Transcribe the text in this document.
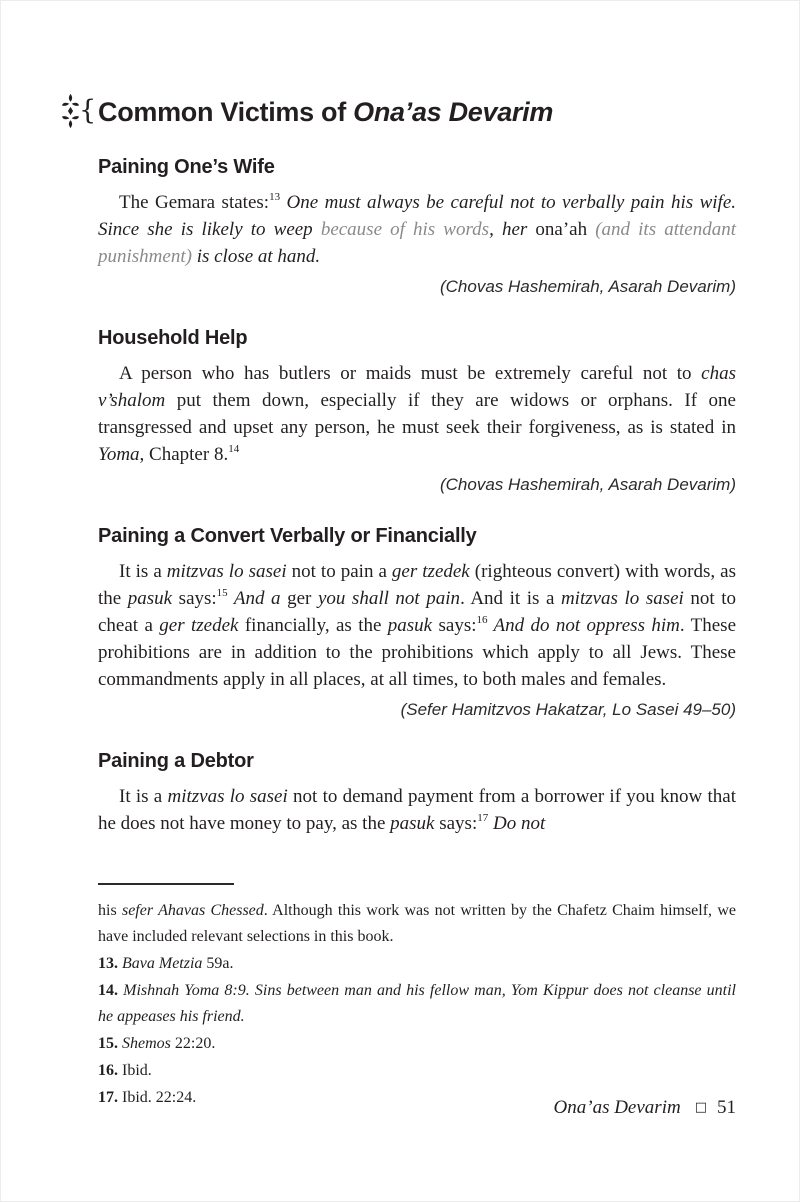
{ Common Victims of Ona’as Devarim
Paining One’s Wife

The Gemara states:$^{13}$ One must always be careful not to verbally pain his wife. Since she is likely to weep because of his words, her ona’ah (and its attendant punishment) is close at hand.

(Chovas Hashemirah, Asarah Devarim)

Household Help

A person who has butlers or maids must be extremely careful not to chas v’shalom put them down, especially if they are widows or orphans. If one transgressed and upset any person, he must seek their forgiveness, as is stated in Yoma, Chapter 8.14

(Chovas Hashemirah, Asarah Devarim)

Paining a Convert Verbally or Financially

It is a mitzvas lo sasei not to pain a ger tzedek (righteous convert) with words, as the pasuk says:$^{15}$ And a ger you shall not pain. And it is a mitzvas lo sasei not to cheat a ger tzedek financially, as the pasuk says:$^{16}$ And do not oppress him. These prohibitions are in addition to the prohibitions which apply to all Jews. These commandments apply in all places, at all times, to both males and females.

(Sefer Hamitzvos Hakatzar, Lo Sasei 49–50)

Paining a Debtor

It is a mitzvas lo sasei not to demand payment from a borrower if you know that he does not have money to pay, as the pasuk says:$^{17}$ Do not

his sefer Ahavas Chessed. Although this work was not written by the Chafetz Chaim himself, we have included relevant selections in this book.

13. Bava Metzia 59a.

14. Mishnah Yoma 8:9. Sins between man and his fellow man, Yom Kippur does not cleanse until he appeases his friend.

15. Shemos 22:20.

16. Ibid.

17. Ibid. 22:24.	Ona’as Devarim □ 51
